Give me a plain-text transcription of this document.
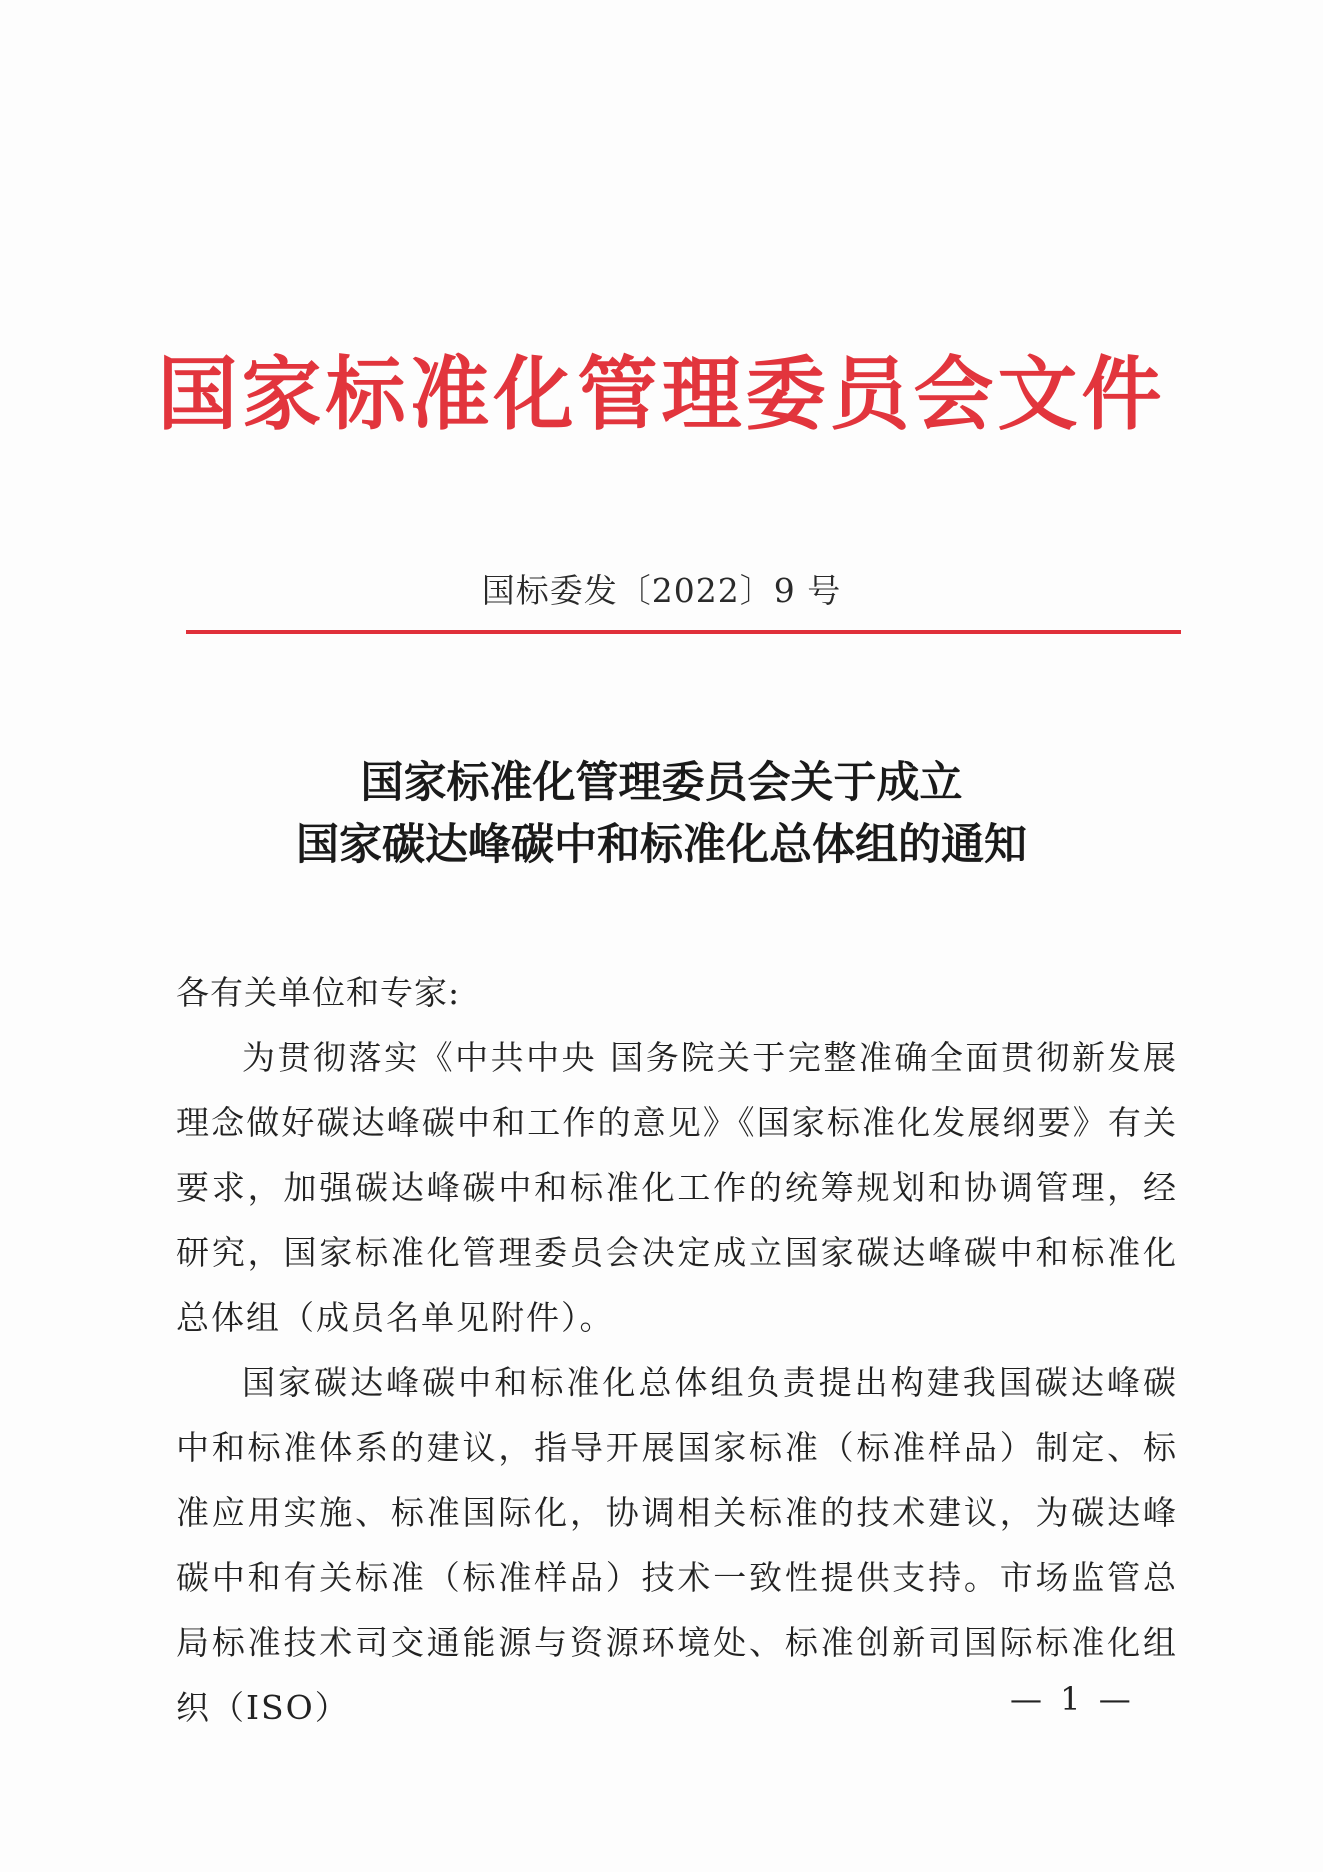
国家标准化管理委员会文件
国标委发〔2022〕9 号
国家标准化管理委员会关于成立
国家碳达峰碳中和标准化总体组的通知
各有关单位和专家:
为贯彻落实《中共中央 国务院关于完整准确全面贯彻新发展理念做好碳达峰碳中和工作的意见》《国家标准化发展纲要》有关要求，加强碳达峰碳中和标准化工作的统筹规划和协调管理，经研究，国家标准化管理委员会决定成立国家碳达峰碳中和标准化总体组（成员名单见附件）。
国家碳达峰碳中和标准化总体组负责提出构建我国碳达峰碳中和标准体系的建议，指导开展国家标准（标准样品）制定、标准应用实施、标准国际化，协调相关标准的技术建议，为碳达峰碳中和有关标准（标准样品）技术一致性提供支持。市场监管总局标准技术司交通能源与资源环境处、标准创新司国际标准化组织（ISO）	— 1 —
